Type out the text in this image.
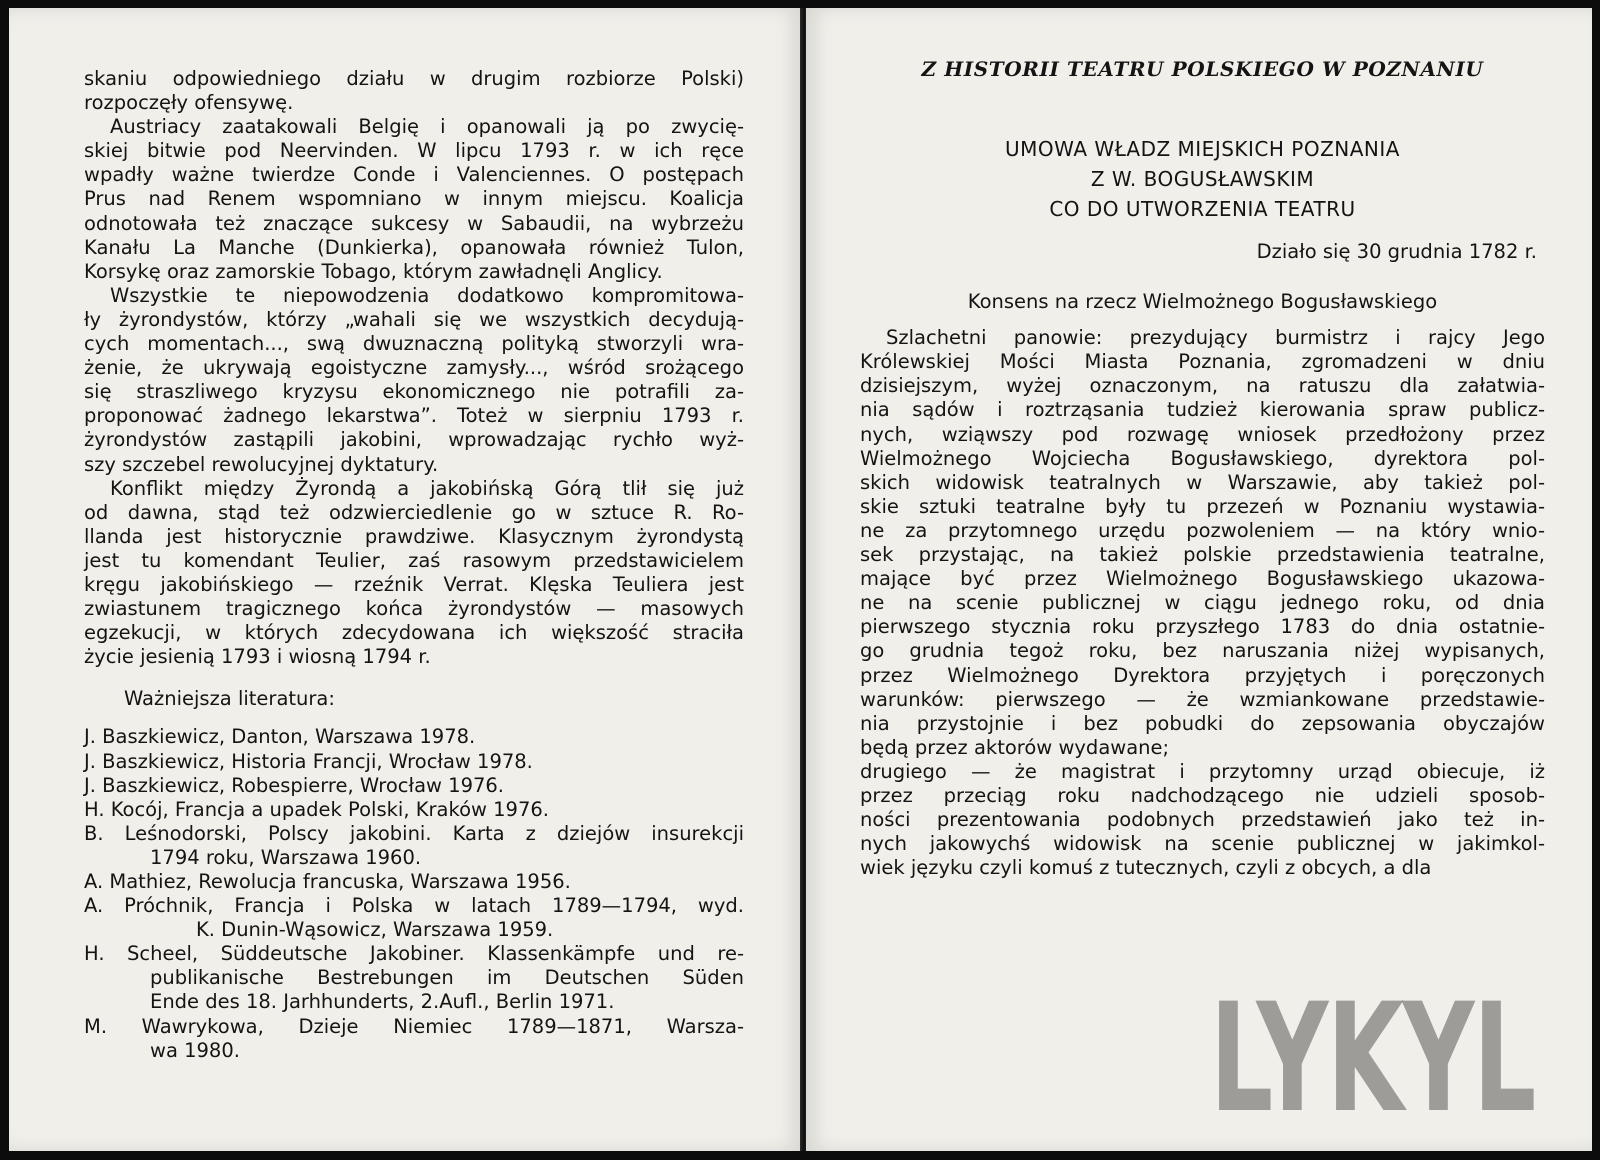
skaniu odpowiedniego działu w drugim rozbiorze Polski)
rozpoczęły ofensywę.
Austriacy zaatakowali Belgię i opanowali ją po zwycię-
skiej bitwie pod Neervinden. W lipcu 1793 r. w ich ręce
wpadły ważne twierdze Conde i Valenciennes. O postępach
Prus nad Renem wspomniano w innym miejscu. Koalicja
odnotowała też znaczące sukcesy w Sabaudii, na wybrzeżu
Kanału La Manche (Dunkierka), opanowała również Tulon,
Korsykę oraz zamorskie Tobago, którym zawładnęli Anglicy.
Wszystkie te niepowodzenia dodatkowo kompromitowa-
ły żyrondystów, którzy „wahali się we wszystkich decydują-
cych momentach..., swą dwuznaczną polityką stworzyli wra-
żenie, że ukrywają egoistyczne zamysły..., wśród srożącego
się straszliwego kryzysu ekonomicznego nie potrafili za-
proponować żadnego lekarstwa”. Toteż w sierpniu 1793 r.
żyrondystów zastąpili jakobini, wprowadzając rychło wyż-
szy szczebel rewolucyjnej dyktatury.
Konflikt między Żyrondą a jakobińską Górą tlił się już
od dawna, stąd też odzwierciedlenie go w sztuce R. Ro-
llanda jest historycznie prawdziwe. Klasycznym żyrondystą
jest tu komendant Teulier, zaś rasowym przedstawicielem
kręgu jakobińskiego — rzeźnik Verrat. Klęska Teuliera jest
zwiastunem tragicznego końca żyrondystów — masowych
egzekucji, w których zdecydowana ich większość straciła
życie jesienią 1793 i wiosną 1794 r.
Ważniejsza literatura:
J. Baszkiewicz, Danton, Warszawa 1978.
J. Baszkiewicz, Historia Francji, Wrocław 1978.
J. Baszkiewicz, Robespierre, Wrocław 1976.
H. Kocój, Francja a upadek Polski, Kraków 1976.
B. Leśnodorski, Polscy jakobini. Karta z dziejów insurekcji
1794 roku, Warszawa 1960.
A. Mathiez, Rewolucja francuska, Warszawa 1956.
A. Próchnik, Francja i Polska w latach 1789—1794, wyd.
K. Dunin-Wąsowicz, Warszawa 1959.
H. Scheel, Süddeutsche Jakobiner. Klassenkämpfe und re-
publikanische Bestrebungen im Deutschen Süden
Ende des 18. Jarhhunderts, 2.Aufl., Berlin 1971.
M. Wawrykowa, Dzieje Niemiec 1789—1871, Warsza-
wa 1980.
Z HISTORII TEATRU POLSKIEGO W POZNANIU
UMOWA WŁADZ MIEJSKICH POZNANIA
Z W. BOGUSŁAWSKIM
CO DO UTWORZENIA TEATRU
Działo się 30 grudnia 1782 r.
Konsens na rzecz Wielmożnego Bogusławskiego
Szlachetni panowie: prezydujący burmistrz i rajcy Jego
Królewskiej Mości Miasta Poznania, zgromadzeni w dniu
dzisiejszym, wyżej oznaczonym, na ratuszu dla załatwia-
nia sądów i roztrząsania tudzież kierowania spraw publicz-
nych, wziąwszy pod rozwagę wniosek przedłożony przez
Wielmożnego Wojciecha Bogusławskiego, dyrektora pol-
skich widowisk teatralnych w Warszawie, aby takież pol-
skie sztuki teatralne były tu przezeń w Poznaniu wystawia-
ne za przytomnego urzędu pozwoleniem — na który wnio-
sek przystając, na takież polskie przedstawienia teatralne,
mające być przez Wielmożnego Bogusławskiego ukazowa-
ne na scenie publicznej w ciągu jednego roku, od dnia
pierwszego stycznia roku przyszłego 1783 do dnia ostatnie-
go grudnia tegoż roku, bez naruszania niżej wypisanych,
przez Wielmożnego Dyrektora przyjętych i poręczonych
warunków: pierwszego — że wzmiankowane przedstawie-
nia przystojnie i bez pobudki do zepsowania obyczajów
będą przez aktorów wydawane;
drugiego — że magistrat i przytomny urząd obiecuje, iż
przez przeciąg roku nadchodzącego nie udzieli sposob-
ności prezentowania podobnych przedstawień jako też in-
nych jakowychś widowisk na scenie publicznej w jakimkol-
wiek języku czyli komuś z tutecznych, czyli z obcych, a dla
LYKYL
